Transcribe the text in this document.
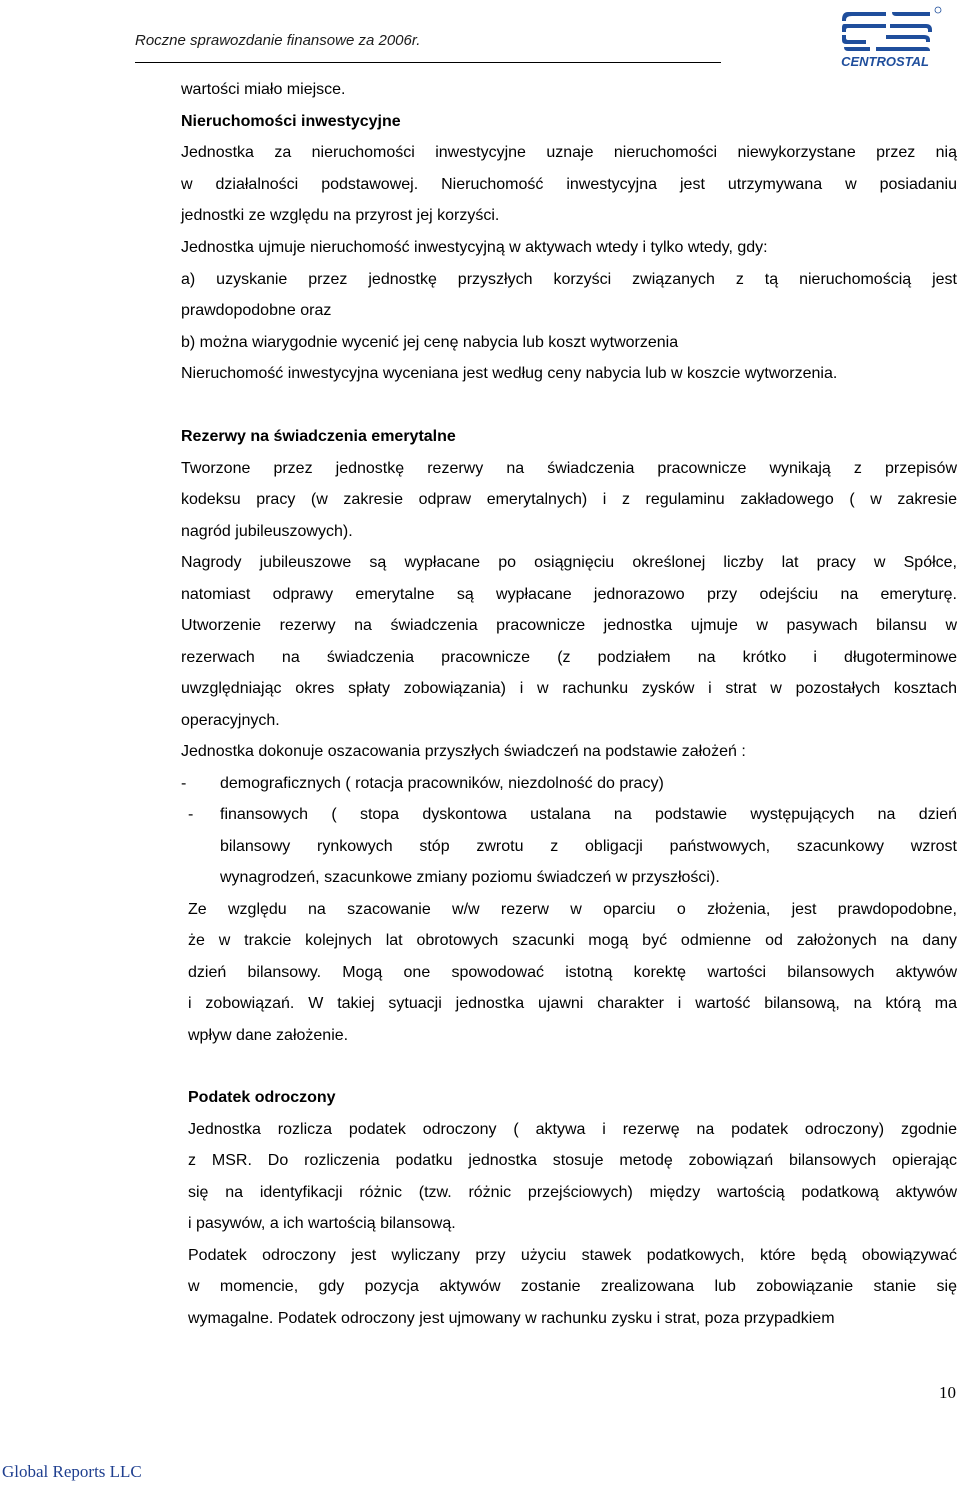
Roczne sprawozdanie finansowe za 2006r.
CENTROSTAL
wartości miało miejsce.
Nieruchomości inwestycyjne
Jednostka za nieruchomości inwestycyjne uznaje nieruchomości niewykorzystane przez nią
w działalności podstawowej. Nieruchomość inwestycyjna jest utrzymywana w posiadaniu
jednostki ze względu na przyrost jej korzyści.
Jednostka ujmuje nieruchomość inwestycyjną w aktywach wtedy i tylko wtedy, gdy:
a) uzyskanie przez jednostkę przyszłych korzyści związanych z tą nieruchomością jest
prawdopodobne oraz
b) można wiarygodnie wycenić jej cenę nabycia lub koszt wytworzenia
Nieruchomość inwestycyjna wyceniana jest według ceny nabycia lub w koszcie wytworzenia.
Rezerwy na świadczenia emerytalne
Tworzone przez jednostkę rezerwy na świadczenia pracownicze wynikają z przepisów
kodeksu pracy (w zakresie odpraw emerytalnych) i z regulaminu zakładowego ( w zakresie
nagród jubileuszowych).
Nagrody jubileuszowe są wypłacane po osiągnięciu określonej liczby lat pracy w Spółce,
natomiast odprawy emerytalne są wypłacane jednorazowo przy odejściu na emeryturę.
Utworzenie rezerwy na świadczenia pracownicze jednostka ujmuje w pasywach bilansu w
rezerwach na świadczenia pracownicze (z podziałem na krótko i długoterminowe
uwzględniając okres spłaty zobowiązania) i w rachunku zysków i strat w pozostałych kosztach
operacyjnych.
Jednostka dokonuje oszacowania przyszłych świadczeń na podstawie założeń :
- demograficznych ( rotacja pracowników, niezdolność do pracy)
- finansowych ( stopa dyskontowa ustalana na podstawie występujących na dzień
bilansowy rynkowych stóp zwrotu z obligacji państwowych, szacunkowy wzrost
wynagrodzeń, szacunkowe zmiany poziomu świadczeń w przyszłości).
Ze względu na szacowanie w/w rezerw w oparciu o złożenia, jest prawdopodobne,
że w trakcie kolejnych lat obrotowych szacunki mogą być odmienne od założonych na dany
dzień bilansowy. Mogą one spowodować istotną korektę wartości bilansowych aktywów
i zobowiązań. W takiej sytuacji jednostka ujawni charakter i wartość bilansową, na którą ma
wpływ dane założenie.
Podatek odroczony
Jednostka rozlicza podatek odroczony ( aktywa i rezerwę na podatek odroczony) zgodnie
z MSR. Do rozliczenia podatku jednostka stosuje metodę zobowiązań bilansowych opierając
się na identyfikacji różnic (tzw. różnic przejściowych) między wartością podatkową aktywów
i pasywów, a ich wartością bilansową.
Podatek odroczony jest wyliczany przy użyciu stawek podatkowych, które będą obowiązywać
w momencie, gdy pozycja aktywów zostanie zrealizowana lub zobowiązanie stanie się
wymagalne. Podatek odroczony jest ujmowany w rachunku zysku i strat, poza przypadkiem
10
Global Reports LLC
